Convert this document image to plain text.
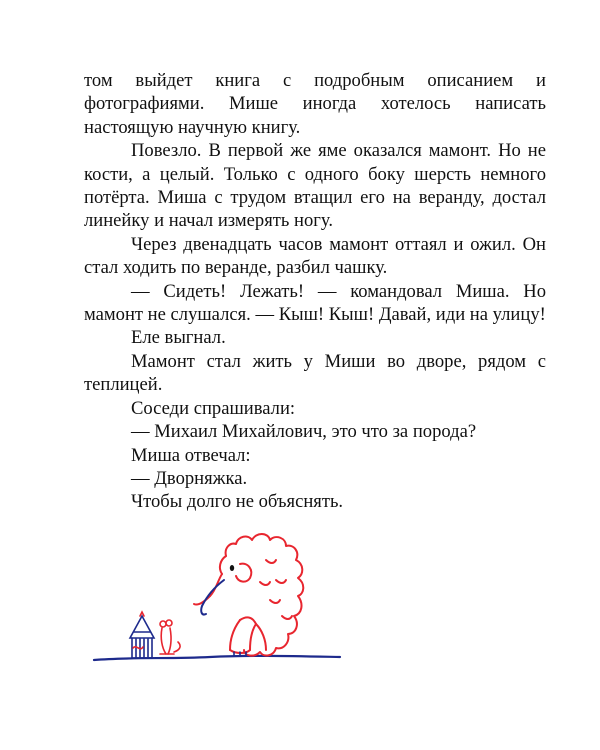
том выйдет книга с подробным описанием и фотографиями. Мише иногда хотелось написать настоящую научную книгу.

Повезло. В первой же яме оказался мамонт. Но не кости, а целый. Только с одного боку шерсть немного потёрта. Миша с трудом втащил его на веранду, достал линейку и начал измерять ногу.

Через двенадцать часов мамонт оттаял и ожил. Он стал ходить по веранде, разбил чашку.

— Сидеть! Лежать! — командовал Миша. Но мамонт не слушался. — Кыш! Кыш! Давай, иди на улицу!

Еле выгнал.

Мамонт стал жить у Миши во дворе, рядом с теплицей.

Соседи спрашивали:

— Михаил Михайлович, это что за порода?

Миша отвечал:

— Дворняжка.

Чтобы долго не объяснять.
